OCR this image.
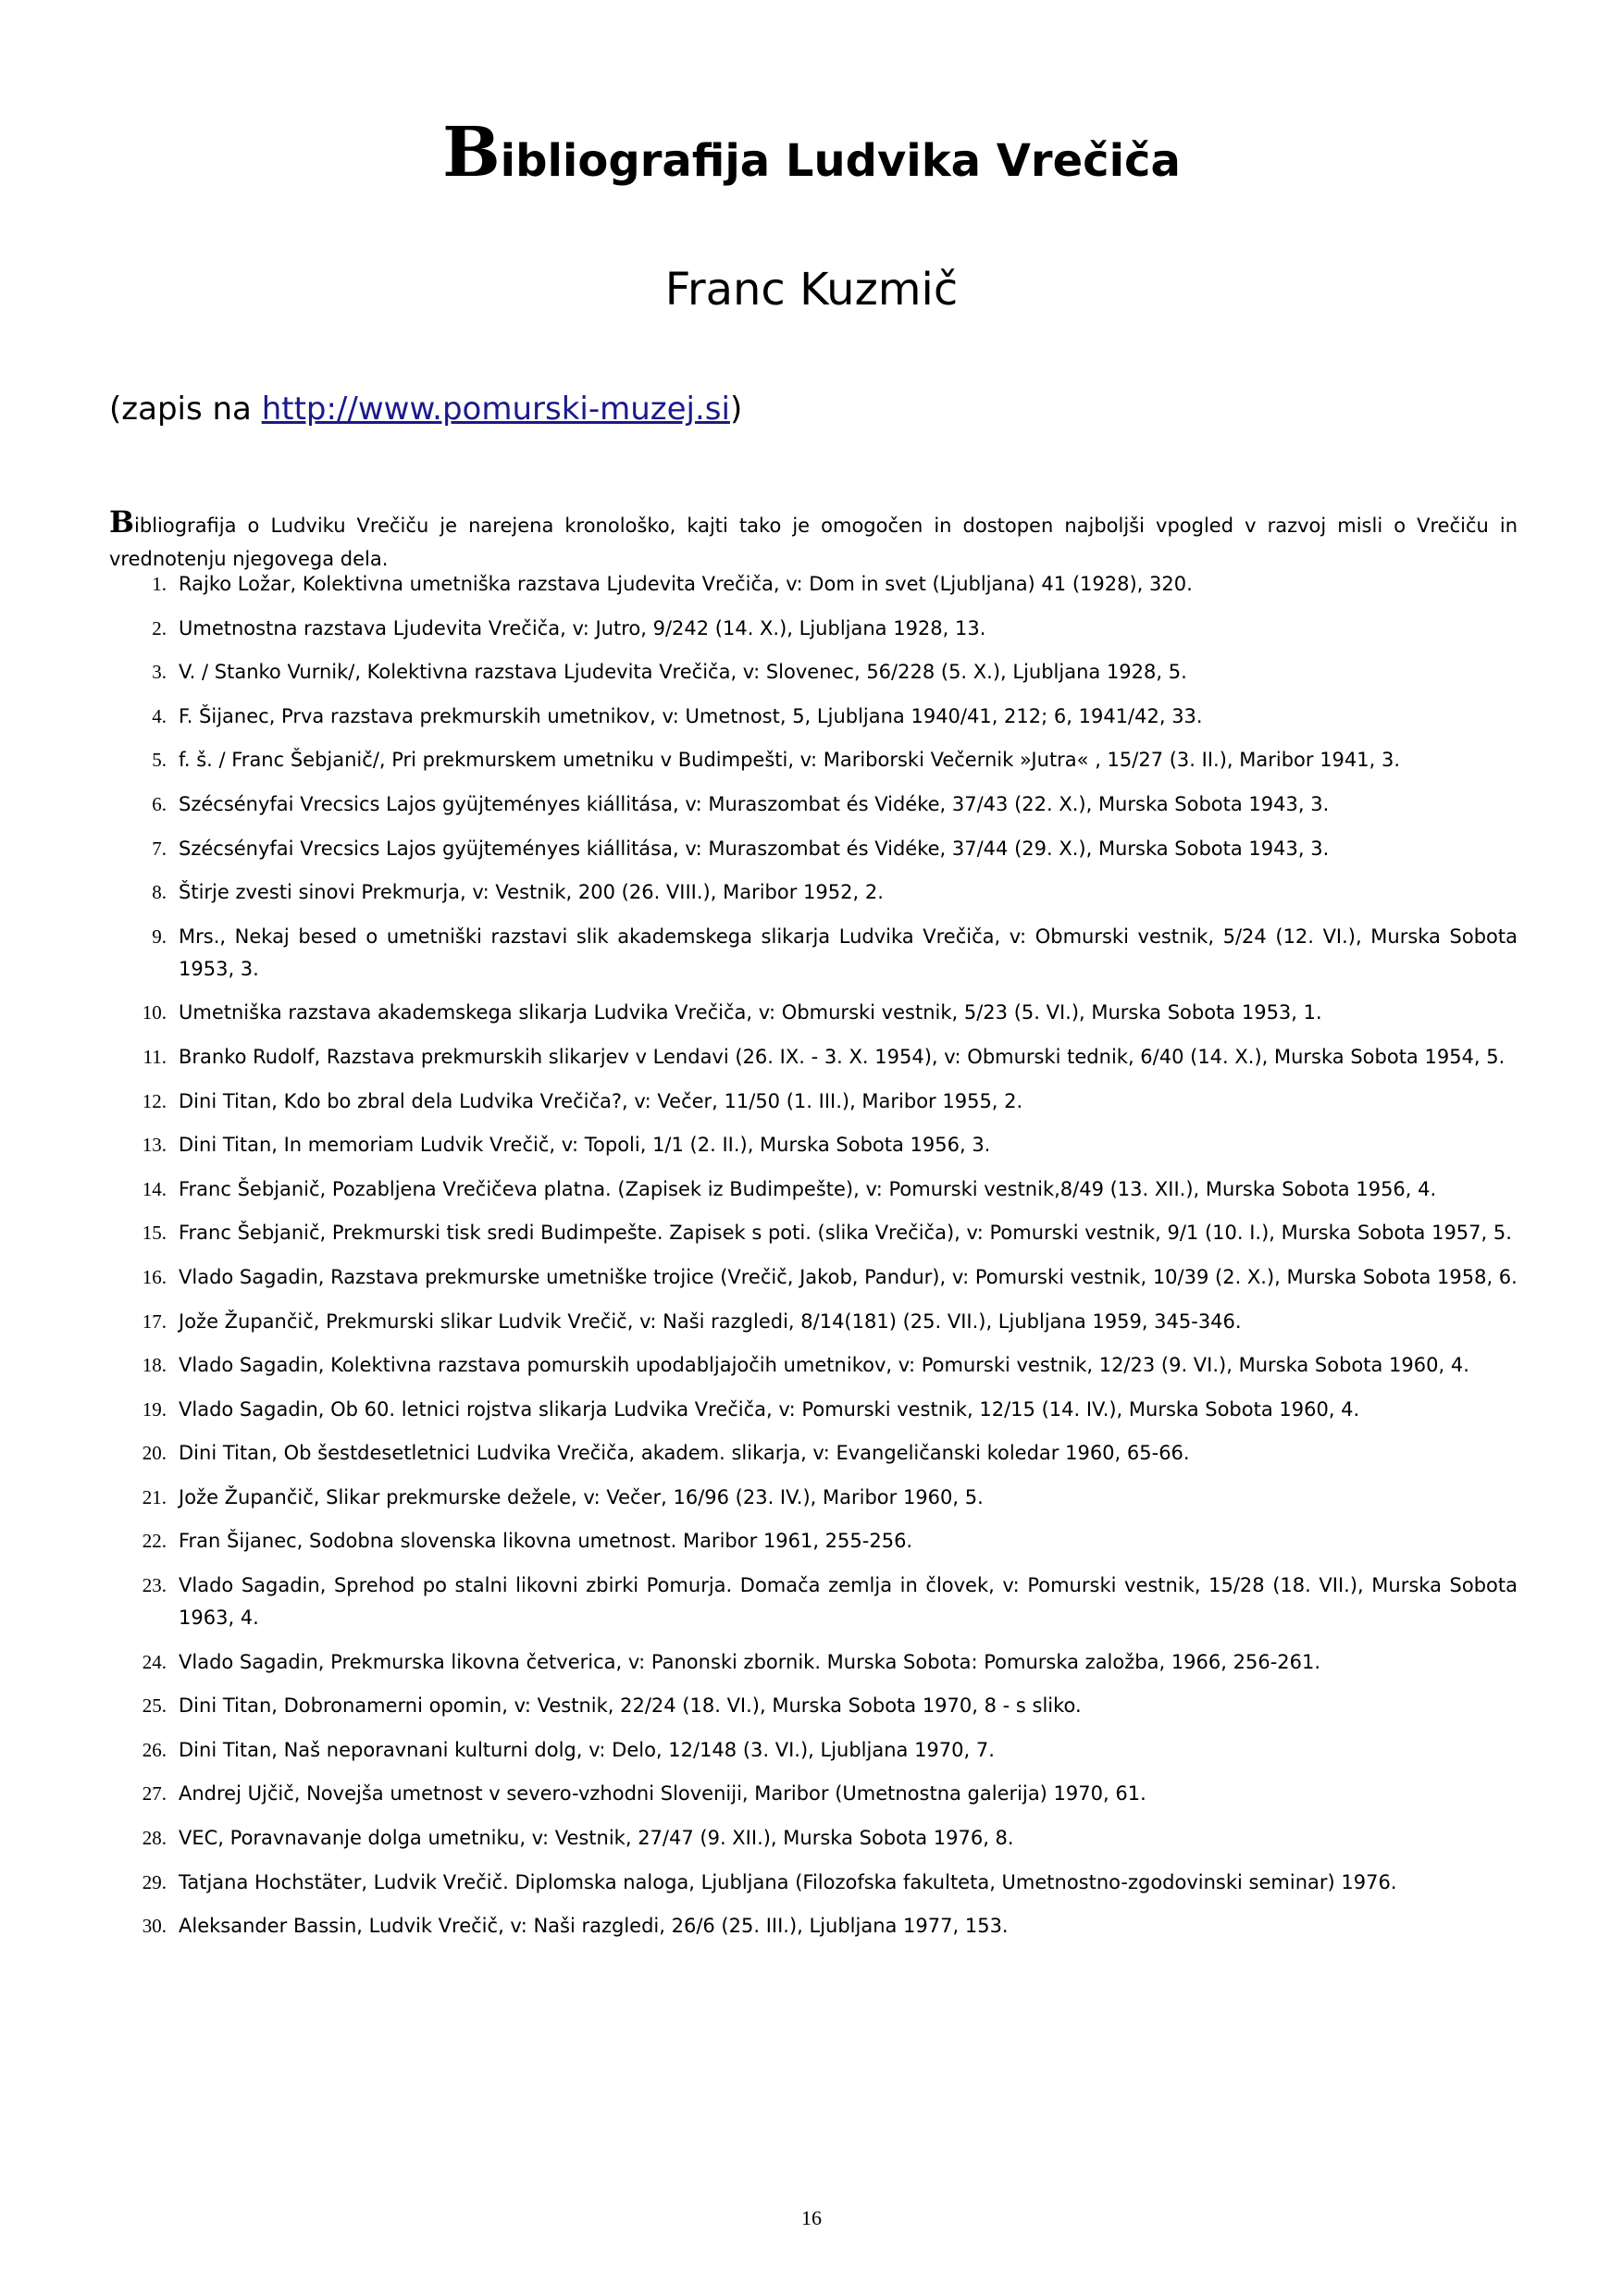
Bibliografija Ludvika Vrečiča
Franc Kuzmič
(zapis na http://www.pomurski-muzej.si)

Bibliografija o Ludviku Vrečiču je narejena kronološko, kajti tako je omogočen in dostopen najboljši vpogled v razvoj misli o Vrečiču in vrednotenju njegovega dela.

1. Rajko Ložar, Kolektivna umetniška razstava Ljudevita Vrečiča, v: Dom in svet (Ljubljana) 41 (1928), 320.
2. Umetnostna razstava Ljudevita Vrečiča, v: Jutro, 9/242 (14. X.), Ljubljana 1928, 13.
3. V. / Stanko Vurnik/, Kolektivna razstava Ljudevita Vrečiča, v: Slovenec, 56/228 (5. X.), Ljubljana 1928, 5.
4. F. Šijanec, Prva razstava prekmurskih umetnikov, v: Umetnost, 5, Ljubljana 1940/41, 212; 6, 1941/42, 33.
5. f. š. / Franc Šebjanič/, Pri prekmurskem umetniku v Budimpešti, v: Mariborski Večernik »Jutra« , 15/27 (3. II.), Maribor 1941, 3.
6. Szécsényfai Vrecsics Lajos gyüjteményes kiállitása, v: Muraszombat és Vidéke, 37/43 (22. X.), Murska Sobota 1943, 3.
7. Szécsényfai Vrecsics Lajos gyüjteményes kiállitása, v: Muraszombat és Vidéke, 37/44 (29. X.), Murska Sobota 1943, 3.
8. Štirje zvesti sinovi Prekmurja, v: Vestnik, 200 (26. VIII.), Maribor 1952, 2.
9. Mrs., Nekaj besed o umetniški razstavi slik akademskega slikarja Ludvika Vrečiča, v: Obmurski vestnik, 5/24 (12. VI.), Murska Sobota 1953, 3.
10. Umetniška razstava akademskega slikarja Ludvika Vrečiča, v: Obmurski vestnik, 5/23 (5. VI.), Murska Sobota 1953, 1.
11. Branko Rudolf, Razstava prekmurskih slikarjev v Lendavi (26. IX. - 3. X. 1954), v: Obmurski tednik, 6/40 (14. X.), Murska Sobota 1954, 5.
12. Dini Titan, Kdo bo zbral dela Ludvika Vrečiča?, v: Večer, 11/50 (1. III.), Maribor 1955, 2.
13. Dini Titan, In memoriam Ludvik Vrečič, v: Topoli, 1/1 (2. II.), Murska Sobota 1956, 3.
14. Franc Šebjanič, Pozabljena Vrečičeva platna. (Zapisek iz Budimpešte), v: Pomurski vestnik,8/49 (13. XII.), Murska Sobota 1956, 4.
15. Franc Šebjanič, Prekmurski tisk sredi Budimpešte. Zapisek s poti. (slika Vrečiča), v: Pomurski vestnik, 9/1 (10. I.), Murska Sobota 1957, 5.
16. Vlado Sagadin, Razstava prekmurske umetniške trojice (Vrečič, Jakob, Pandur), v: Pomurski vestnik, 10/39 (2. X.), Murska Sobota 1958, 6.
17. Jože Župančič, Prekmurski slikar Ludvik Vrečič, v: Naši razgledi, 8/14(181) (25. VII.), Ljubljana 1959, 345-346.
18. Vlado Sagadin, Kolektivna razstava pomurskih upodabljajočih umetnikov, v: Pomurski vestnik, 12/23 (9. VI.), Murska Sobota 1960, 4.
19. Vlado Sagadin, Ob 60. letnici rojstva slikarja Ludvika Vrečiča, v: Pomurski vestnik, 12/15 (14. IV.), Murska Sobota 1960, 4.
20. Dini Titan, Ob šestdesetletnici Ludvika Vrečiča, akadem. slikarja, v: Evangeličanski koledar 1960, 65-66.
21. Jože Župančič, Slikar prekmurske dežele, v: Večer, 16/96 (23. IV.), Maribor 1960, 5.
22. Fran Šijanec, Sodobna slovenska likovna umetnost. Maribor 1961, 255-256.
23. Vlado Sagadin, Sprehod po stalni likovni zbirki Pomurja. Domača zemlja in človek, v: Pomurski vestnik, 15/28 (18. VII.), Murska Sobota 1963, 4.
24. Vlado Sagadin, Prekmurska likovna četverica, v: Panonski zbornik. Murska Sobota: Pomurska založba, 1966, 256-261.
25. Dini Titan, Dobronamerni opomin, v: Vestnik, 22/24 (18. VI.), Murska Sobota 1970, 8 - s sliko.
26. Dini Titan, Naš neporavnani kulturni dolg, v: Delo, 12/148 (3. VI.), Ljubljana 1970, 7.
27. Andrej Ujčič, Novejša umetnost v severo-vzhodni Sloveniji, Maribor (Umetnostna galerija) 1970, 61.
28. VEC, Poravnavanje dolga umetniku, v: Vestnik, 27/47 (9. XII.), Murska Sobota 1976, 8.
29. Tatjana Hochstäter, Ludvik Vrečič. Diplomska naloga, Ljubljana (Filozofska fakulteta, Umetnostno-zgodovinski seminar) 1976.
30. Aleksander Bassin, Ludvik Vrečič, v: Naši razgledi, 26/6 (25. III.), Ljubljana 1977, 153.
16
